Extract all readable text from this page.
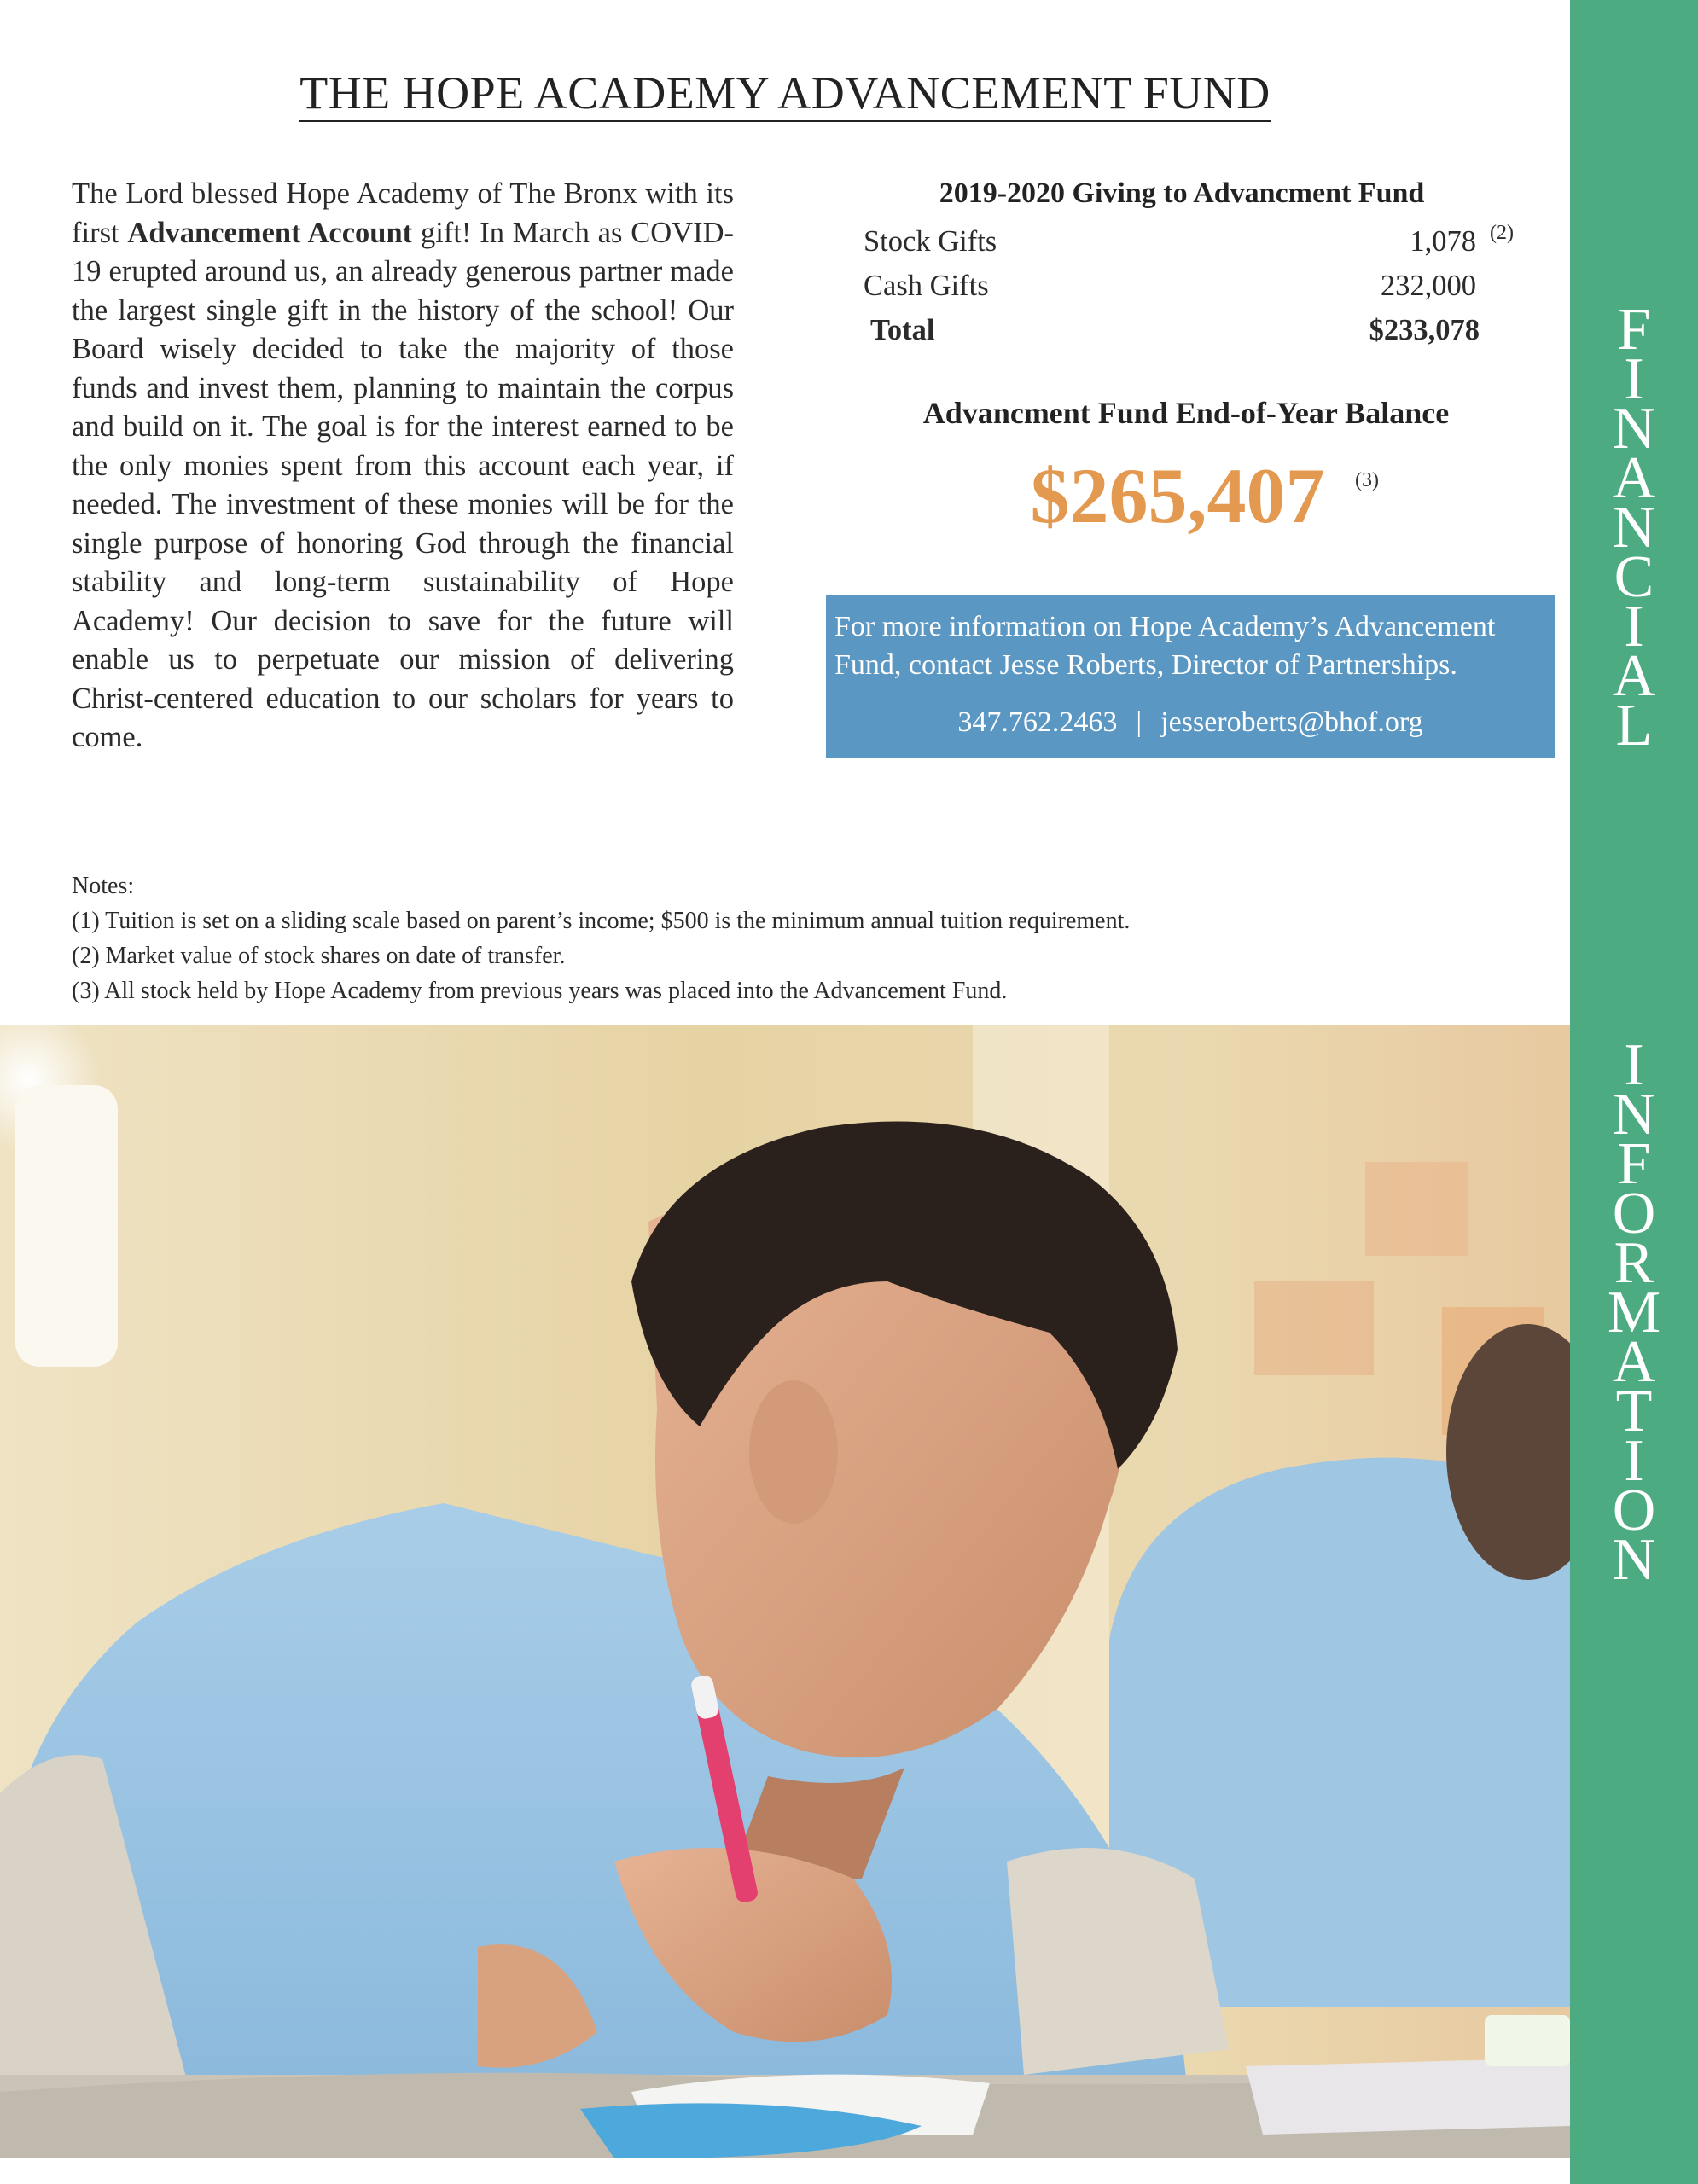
THE HOPE ACADEMY ADVANCEMENT FUND
The Lord blessed Hope Academy of The Bronx with its first Advancement Account gift! In March as COVID-19 erupted around us, an already generous partner made the largest single gift in the history of the school! Our Board wisely decided to take the majority of those funds and invest them, planning to maintain the corpus and build on it. The goal is for the interest earned to be the only monies spent from this account each year, if needed. The investment of these monies will be for the single purpose of honoring God through the financial stability and long-term sustainability of Hope Academy! Our decision to save for the future will enable us to perpetuate our mission of delivering Christ-centered education to our scholars for years to come.
2019-2020 Giving to Advancment Fund
Stock Gifts	1,078 (2)
Cash Gifts	232,000
Total	$233,078
Advancment Fund End-of-Year Balance
$265,407	(3)
For more information on Hope Academy’s Advancement Fund, contact Jesse Roberts, Director of Partnerships.
347.762.2463 | jesseroberts@bhof.org
Notes:
(1) Tuition is set on a sliding scale based on parent’s income; $500 is the minimum annual tuition requirement.
(2) Market value of stock shares on date of transfer.
(3) All stock held by Hope Academy from previous years was placed into the Advancement Fund.
F
I
N
A
N
C
I
A
L
I
N
F
O
R
M
A
T
I
O
N
